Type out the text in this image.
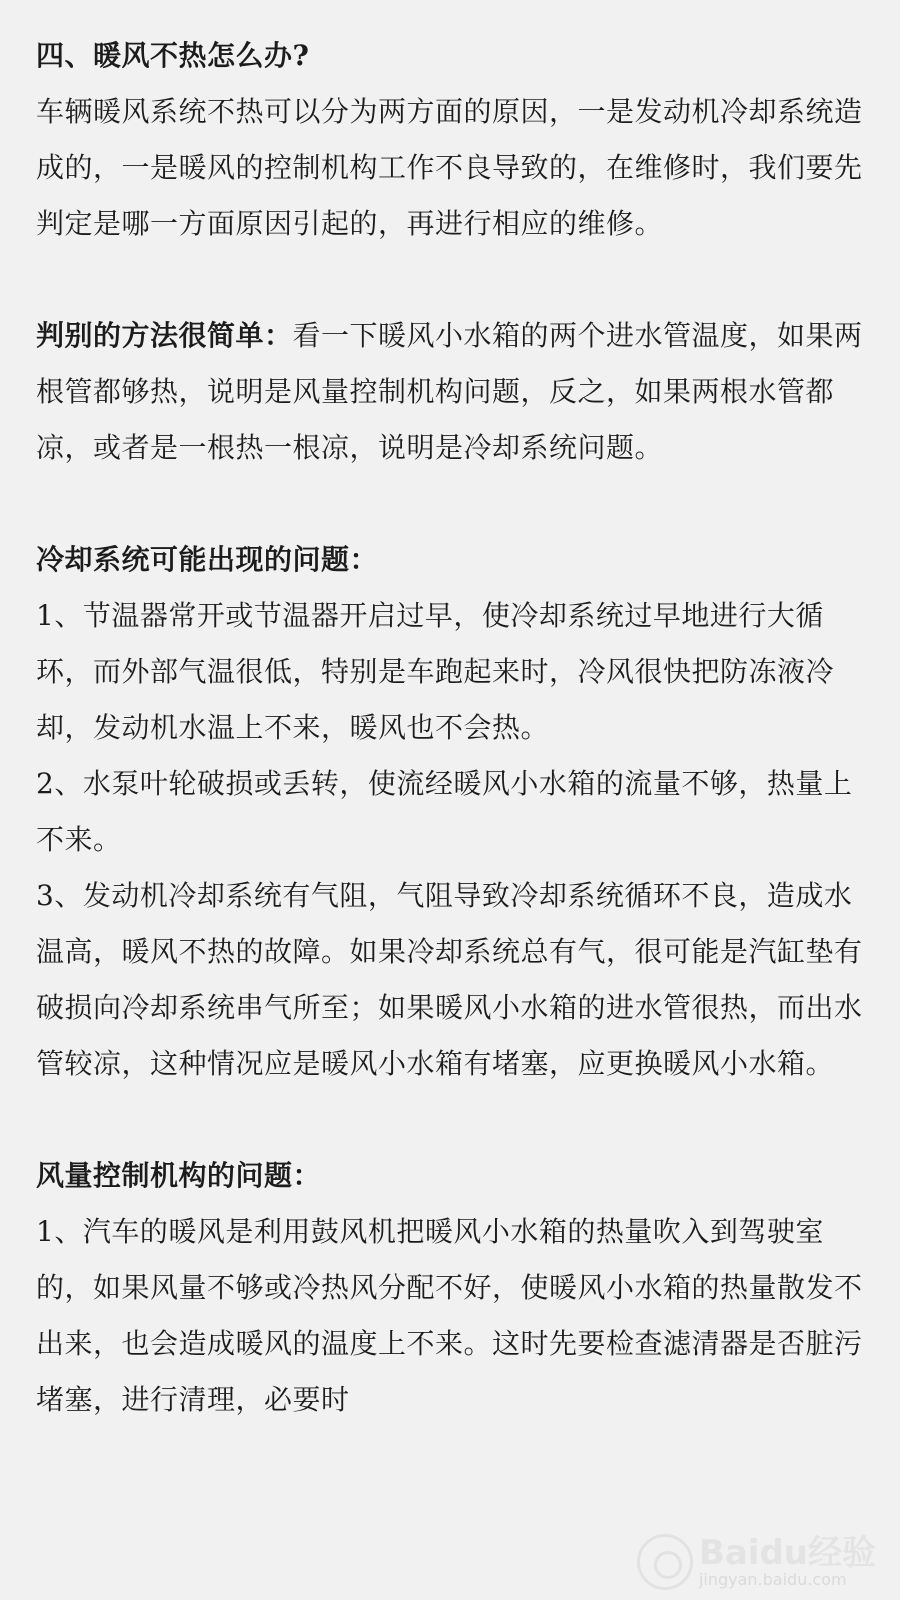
四、暖风不热怎么办?

车辆暖风系统不热可以分为两方面的原因，一是发动机冷却系统造成的，一是暖风的控制机构工作不良导致的，在维修时，我们要先判定是哪一方面原因引起的，再进行相应的维修。

判别的方法很简单：看一下暖风小水箱的两个进水管温度，如果两根管都够热，说明是风量控制机构问题，反之，如果两根水管都凉，或者是一根热一根凉，说明是冷却系统问题。

冷却系统可能出现的问题：

1、节温器常开或节温器开启过早，使冷却系统过早地进行大循环，而外部气温很低，特别是车跑起来时，冷风很快把防冻液冷却，发动机水温上不来，暖风也不会热。

2、水泵叶轮破损或丢转，使流经暖风小水箱的流量不够，热量上不来。

3、发动机冷却系统有气阻，气阻导致冷却系统循环不良，造成水温高，暖风不热的故障。如果冷却系统总有气，很可能是汽缸垫有破损向冷却系统串气所至；如果暖风小水箱的进水管很热，而出水管较凉，这种情况应是暖风小水箱有堵塞，应更换暖风小水箱。

风量控制机构的问题：

1、汽车的暖风是利用鼓风机把暖风小水箱的热量吹入到驾驶室的，如果风量不够或冷热风分配不好，使暖风小水箱的热量散发不出来，也会造成暖风的温度上不来。这时先要检查滤清器是否脏污堵塞，进行清理，必要时

Baidu经验
jingyan.baidu.com
